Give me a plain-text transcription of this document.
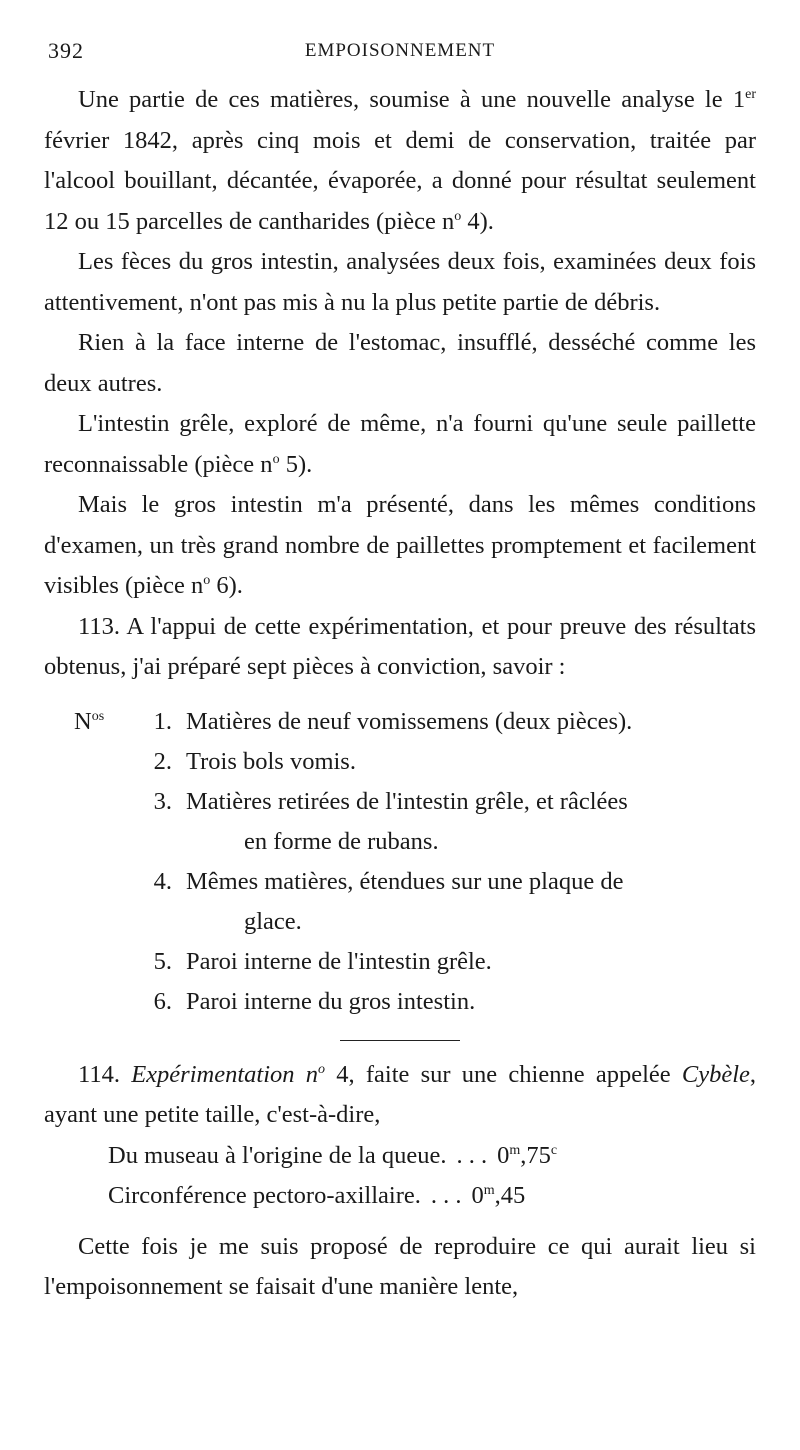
392	EMPOISONNEMENT

Une partie de ces matières, soumise à une nouvelle analyse le 1er février 1842, après cinq mois et demi de conservation, traitée par l'alcool bouillant, décantée, évaporée, a donné pour résultat seulement 12 ou 15 parcelles de cantharides (pièce $n^o$ 4).

Les fèces du gros intestin, analysées deux fois, examinées deux fois attentivement, n'ont pas mis à nu la plus petite partie de débris.

Rien à la face interne de l'estomac, insufflé, desséché comme les deux autres.

L'intestin grêle, exploré de même, n'a fourni qu'une seule paillette reconnaissable (pièce $n^o$ 5).

Mais le gros intestin m'a présenté, dans les mêmes conditions d'examen, un très grand nombre de paillettes promptement et facilement visibles (pièce $n^o$ 6).

113. A l'appui de cette expérimentation, et pour preuve des résultats obtenus, j'ai préparé sept pièces à conviction, savoir :

$N^{os}$ 1. Matières de neuf vomissemens (deux pièces).
2. Trois bols vomis.
3. Matières retirées de l'intestin grêle, et râclées
en forme de rubans.
4. Mêmes matières, étendues sur une plaque de
glace.
5. Paroi interne de l'intestin grêle.
6. Paroi interne du gros intestin.

114. Expérimentation $n^o$ 4, faite sur une chienne appelée Cybèle, ayant une petite taille, c'est-à-dire,

Du museau à l'origine de la queue. . . . 0$^m$,75$^c$
Circonférence pectoro-axillaire. . . . 0$^m$,45

Cette fois je me suis proposé de reproduire ce qui aurait lieu si l'empoisonnement se faisait d'une manière lente,
